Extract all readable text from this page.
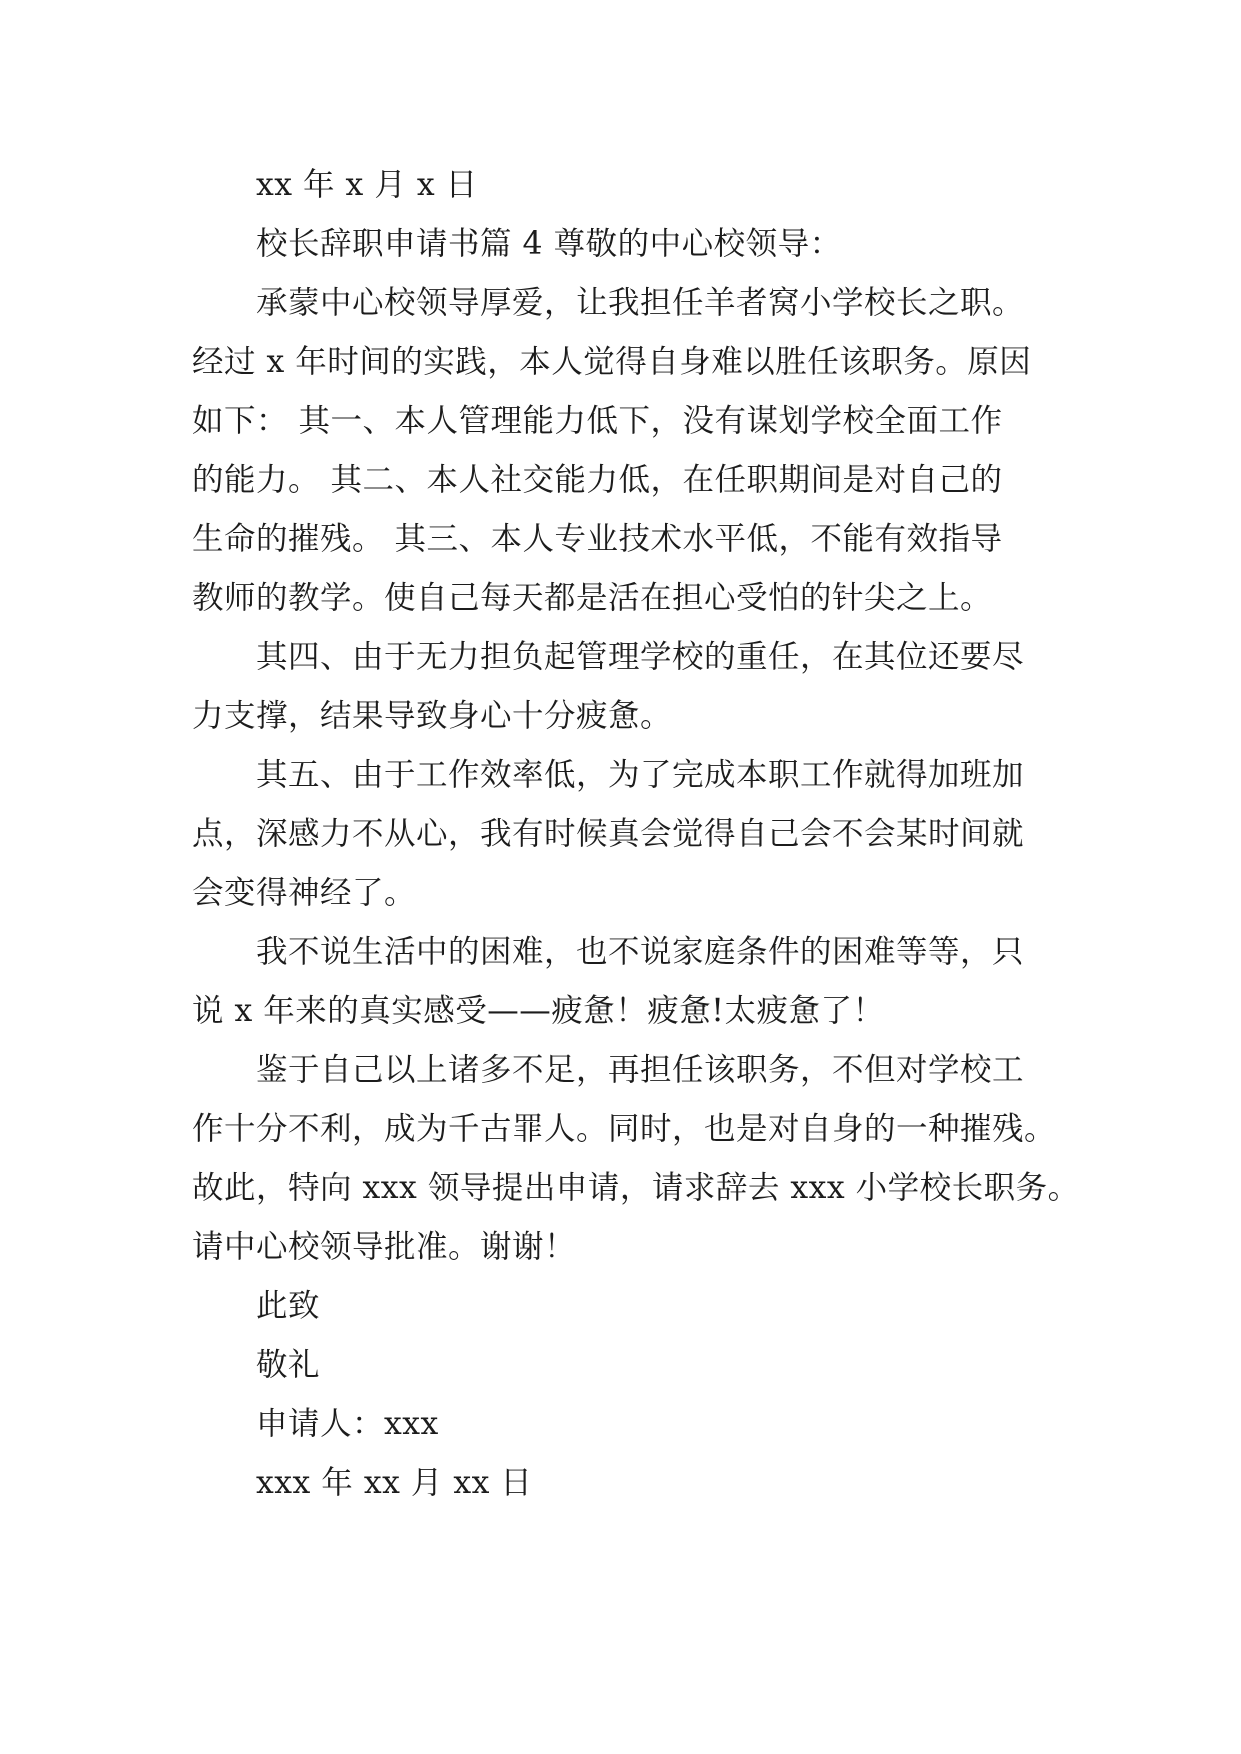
xx 年 x 月 x 日
校长辞职申请书篇 4 尊敬的中心校领导：
承蒙中心校领导厚爱，让我担任羊者窝小学校长之职。
经过 x 年时间的实践，本人觉得自身难以胜任该职务。原因
如下： 其一、本人管理能力低下，没有谋划学校全面工作
的能力。 其二、本人社交能力低，在任职期间是对自己的
生命的摧残。 其三、本人专业技术水平低，不能有效指导
教师的教学。使自己每天都是活在担心受怕的针尖之上。
其四、由于无力担负起管理学校的重任，在其位还要尽
力支撑，结果导致身心十分疲惫。
其五、由于工作效率低，为了完成本职工作就得加班加
点，深感力不从心，我有时候真会觉得自己会不会某时间就
会变得神经了。
我不说生活中的困难，也不说家庭条件的困难等等，只
说 x 年来的真实感受——疲惫！疲惫!太疲惫了！
鉴于自己以上诸多不足，再担任该职务，不但对学校工
作十分不利，成为千古罪人。同时，也是对自身的一种摧残。
故此，特向 xxx 领导提出申请，请求辞去 xxx 小学校长职务。
请中心校领导批准。谢谢！
此致
敬礼
申请人：xxx
xxx 年 xx 月 xx 日
